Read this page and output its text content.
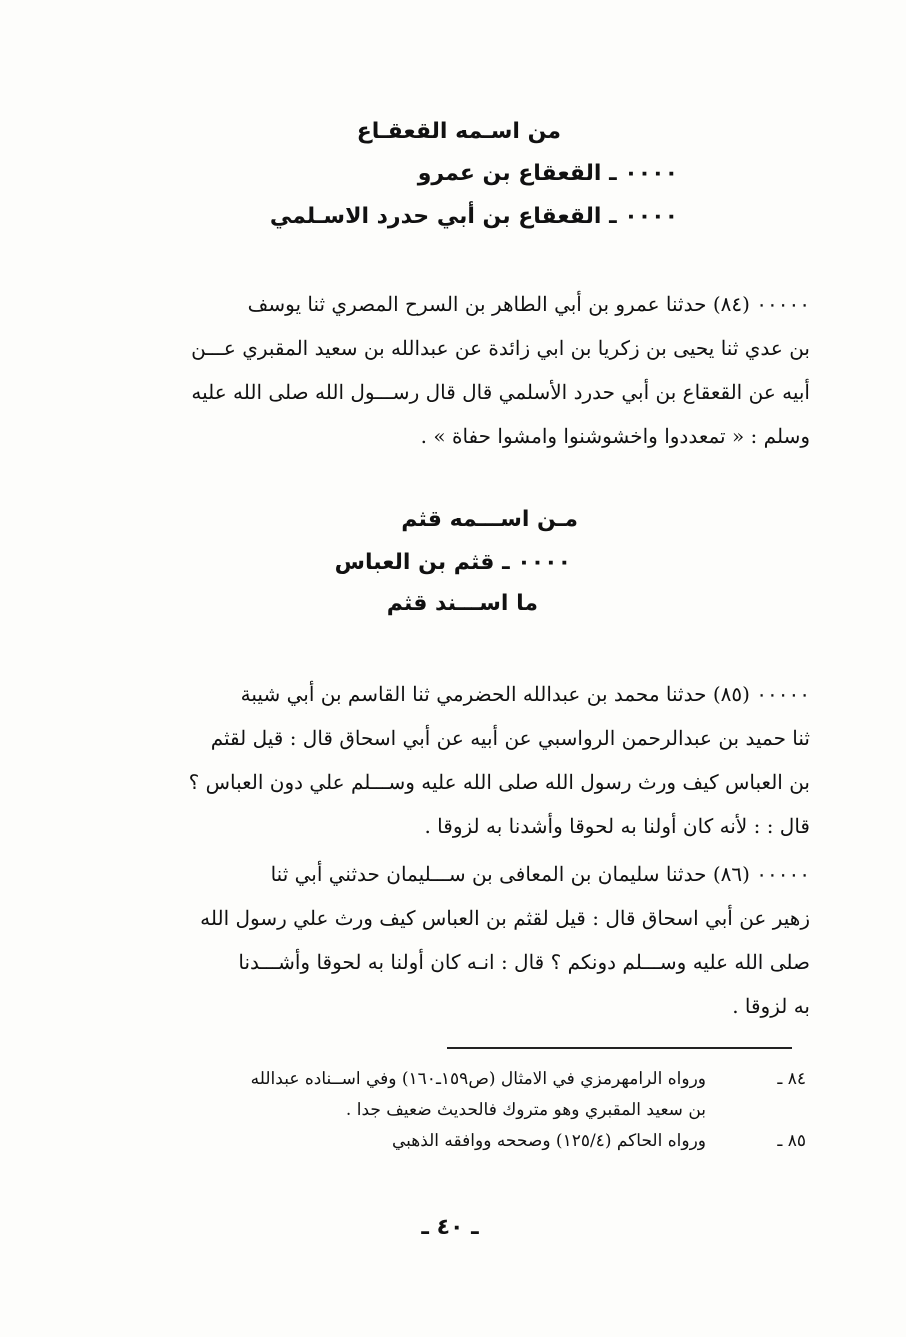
من اسـمه القعقـاع
٠٠٠٠ ـ القعقاع بن عمرو
٠٠٠٠ ـ القعقاع بن أبي حدرد الاسـلمي
٠٠٠٠٠ (٨٤) حدثنا عمرو بن أبي الطاهر بن السرح المصري ثنا يوسف
بن عدي ثنا يحيى بن زكريا بن ابي زائدة عن عبدالله بن سعيد المقبري عـــن
أبيه عن القعقاع بن أبي حدرد الأسلمي قال قال رســـول الله صلى الله عليه
وسلم : « تمعددوا واخشوشنوا وامشوا حفاة » .
مـن اســـمه قثم
٠٠٠٠ ـ قثم بن العباس
ما اســـند قثم
٠٠٠٠٠ (٨٥) حدثنا محمد بن عبدالله الحضرمي ثنا القاسم بن أبي شيبة
ثنا حميد بن عبدالرحمن الرواسبي عن أبيه عن أبي اسحاق قال : قيل لقثم
بن العباس كيف ورث رسول الله صلى الله عليه وســـلم علي دون العباس ؟
قال : : لأنه كان أولنا به لحوقا وأشدنا به لزوقا .
٠٠٠٠٠ (٨٦) حدثنا سليمان بن المعافى بن ســـليمان حدثني أبي ثنا
زهير عن أبي اسحاق قال : قيل لقثم بن العباس كيف ورث علي رسول الله
صلى الله عليه وســـلم دونكم ؟ قال : انـه كان أولنا به لحوقا وأشـــدنا
به لزوقا .
٨٤ ـ
ورواه الرامهرمزي في الامثال (ص١٥٩ـ١٦٠) وفي اســناده عبدالله
بن سعيد المقبري وهو متروك فالحديث ضعيف جدا .
٨٥ ـ
ورواه الحاكم (١٢٥/٤) وصححه ووافقه الذهبي
ـ ٤٠ ـ
